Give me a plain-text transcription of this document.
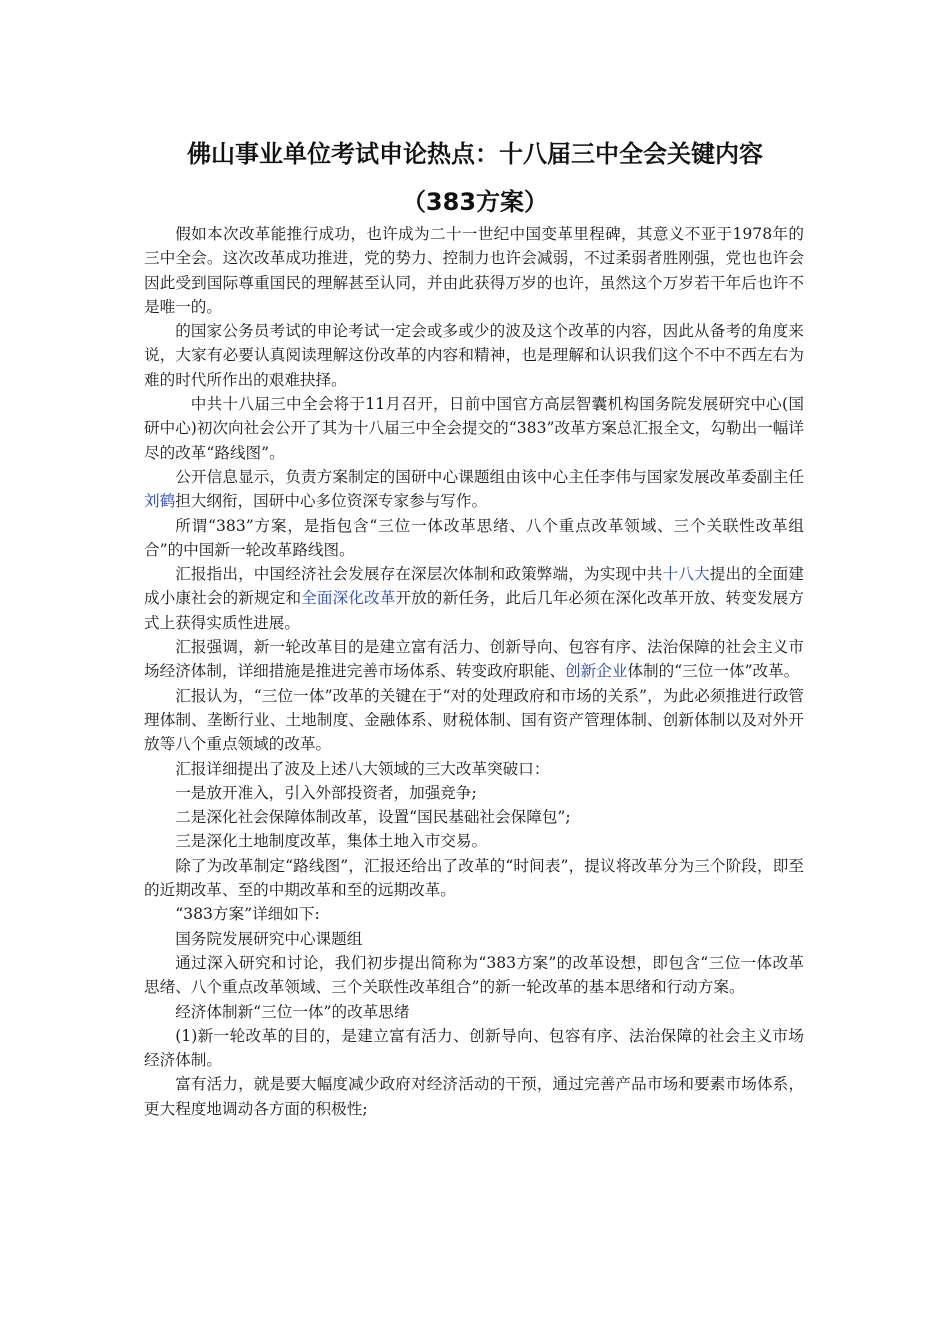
佛山事业单位考试申论热点：十八届三中全会关键内容
（383方案）

假如本次改革能推行成功，也许成为二十一世纪中国变革里程碑，其意义不亚于1978年的三中全会。这次改革成功推进，党的势力、控制力也许会减弱，不过柔弱者胜刚强，党也也许会因此受到国际尊重国民的理解甚至认同，并由此获得万岁的也许，虽然这个万岁若干年后也许不是唯一的。

的国家公务员考试的申论考试一定会或多或少的波及这个改革的内容，因此从备考的角度来说，大家有必要认真阅读理解这份改革的内容和精神，也是理解和认识我们这个不中不西左右为难的时代所作出的艰难抉择。

中共十八届三中全会将于11月召开，日前中国官方高层智囊机构国务院发展研究中心(国研中心)初次向社会公开了其为十八届三中全会提交的“383”改革方案总汇报全文，勾勒出一幅详尽的改革“路线图”。

公开信息显示，负责方案制定的国研中心课题组由该中心主任李伟与国家发展改革委副主任刘鹤担大纲衔，国研中心多位资深专家参与写作。

所谓“383”方案，是指包含“三位一体改革思绪、八个重点改革领域、三个关联性改革组合”的中国新一轮改革路线图。

汇报指出，中国经济社会发展存在深层次体制和政策弊端，为实现中共十八大提出的全面建成小康社会的新规定和全面深化改革开放的新任务，此后几年必须在深化改革开放、转变发展方式上获得实质性进展。

汇报强调，新一轮改革目的是建立富有活力、创新导向、包容有序、法治保障的社会主义市场经济体制，详细措施是推进完善市场体系、转变政府职能、创新企业体制的“三位一体”改革。

汇报认为，“三位一体”改革的关键在于“对的处理政府和市场的关系”，为此必须推进行政管理体制、垄断行业、土地制度、金融体系、财税体制、国有资产管理体制、创新体制以及对外开放等八个重点领域的改革。

汇报详细提出了波及上述八大领域的三大改革突破口：

一是放开准入，引入外部投资者，加强竞争;

二是深化社会保障体制改革，设置“国民基础社会保障包”;

三是深化土地制度改革，集体土地入市交易。

除了为改革制定“路线图”，汇报还给出了改革的“时间表”，提议将改革分为三个阶段，即至的近期改革、至的中期改革和至的远期改革。

“383方案”详细如下:

国务院发展研究中心课题组

通过深入研究和讨论，我们初步提出简称为“383方案”的改革设想，即包含“三位一体改革思绪、八个重点改革领域、三个关联性改革组合”的新一轮改革的基本思绪和行动方案。

经济体制新“三位一体”的改革思绪

(1)新一轮改革的目的，是建立富有活力、创新导向、包容有序、法治保障的社会主义市场经济体制。

富有活力，就是要大幅度减少政府对经济活动的干预，通过完善产品市场和要素市场体系，更大程度地调动各方面的积极性;
